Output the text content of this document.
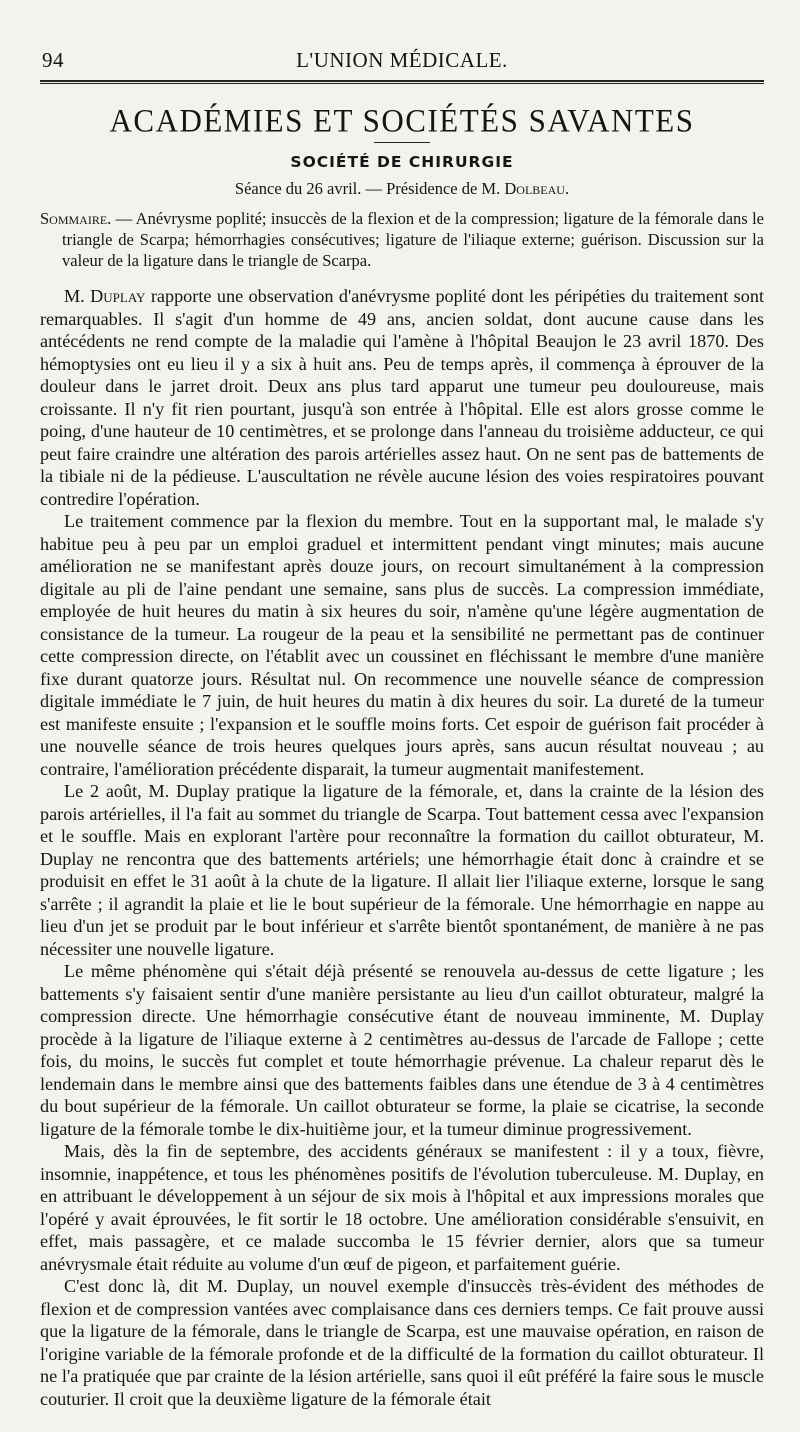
94	L'UNION MÉDICALE.
ACADÉMIES ET SOCIÉTÉS SAVANTES
SOCIÉTÉ DE CHIRURGIE
Séance du 26 avril. — Présidence de M. Dolbeau.
Sommaire. — Anévrysme poplité; insuccès de la flexion et de la compression; ligature de la fémorale dans le triangle de Scarpa; hémorrhagies consécutives; ligature de l'iliaque externe; guérison. Discussion sur la valeur de la ligature dans le triangle de Scarpa.

M. Duplay rapporte une observation d'anévrysme poplité dont les péripéties du traitement sont remarquables. Il s'agit d'un homme de 49 ans, ancien soldat, dont aucune cause dans les antécédents ne rend compte de la maladie qui l'amène à l'hôpital Beaujon le 23 avril 1870. Des hémoptysies ont eu lieu il y a six à huit ans. Peu de temps après, il commença à éprouver de la douleur dans le jarret droit. Deux ans plus tard apparut une tumeur peu douloureuse, mais croissante. Il n'y fit rien pourtant, jusqu'à son entrée à l'hôpital. Elle est alors grosse comme le poing, d'une hauteur de 10 centimètres, et se prolonge dans l'anneau du troisième adducteur, ce qui peut faire craindre une altération des parois artérielles assez haut. On ne sent pas de battements de la tibiale ni de la pédieuse. L'auscultation ne révèle aucune lésion des voies respiratoires pouvant contredire l'opération.

Le traitement commence par la flexion du membre. Tout en la supportant mal, le malade s'y habitue peu à peu par un emploi graduel et intermittent pendant vingt minutes; mais aucune amélioration ne se manifestant après douze jours, on recourt simultanément à la compression digitale au pli de l'aine pendant une semaine, sans plus de succès. La compression immédiate, employée de huit heures du matin à six heures du soir, n'amène qu'une légère augmentation de consistance de la tumeur. La rougeur de la peau et la sensibilité ne permettant pas de continuer cette compression directe, on l'établit avec un coussinet en fléchissant le membre d'une manière fixe durant quatorze jours. Résultat nul. On recommence une nouvelle séance de compression digitale immédiate le 7 juin, de huit heures du matin à dix heures du soir. La dureté de la tumeur est manifeste ensuite ; l'expansion et le souffle moins forts. Cet espoir de guérison fait procéder à une nouvelle séance de trois heures quelques jours après, sans aucun résultat nouveau ; au contraire, l'amélioration précédente disparait, la tumeur augmentait manifestement.

Le 2 août, M. Duplay pratique la ligature de la fémorale, et, dans la crainte de la lésion des parois artérielles, il l'a fait au sommet du triangle de Scarpa. Tout battement cessa avec l'expansion et le souffle. Mais en explorant l'artère pour reconnaître la formation du caillot obturateur, M. Duplay ne rencontra que des battements artériels; une hémorrhagie était donc à craindre et se produisit en effet le 31 août à la chute de la ligature. Il allait lier l'iliaque externe, lorsque le sang s'arrête ; il agrandit la plaie et lie le bout supérieur de la fémorale. Une hémorrhagie en nappe au lieu d'un jet se produit par le bout inférieur et s'arrête bientôt spontanément, de manière à ne pas nécessiter une nouvelle ligature.

Le même phénomène qui s'était déjà présenté se renouvela au-dessus de cette ligature ; les battements s'y faisaient sentir d'une manière persistante au lieu d'un caillot obturateur, malgré la compression directe. Une hémorrhagie consécutive étant de nouveau imminente, M. Duplay procède à la ligature de l'iliaque externe à 2 centimètres au-dessus de l'arcade de Fallope ; cette fois, du moins, le succès fut complet et toute hémorrhagie prévenue. La chaleur reparut dès le lendemain dans le membre ainsi que des battements faibles dans une étendue de 3 à 4 centimètres du bout supérieur de la fémorale. Un caillot obturateur se forme, la plaie se cicatrise, la seconde ligature de la fémorale tombe le dix-huitième jour, et la tumeur diminue progressivement.

Mais, dès la fin de septembre, des accidents généraux se manifestent : il y a toux, fièvre, insomnie, inappétence, et tous les phénomènes positifs de l'évolution tuberculeuse. M. Duplay, en en attribuant le développement à un séjour de six mois à l'hôpital et aux impressions morales que l'opéré y avait éprouvées, le fit sortir le 18 octobre. Une amélioration considérable s'ensuivit, en effet, mais passagère, et ce malade succomba le 15 février dernier, alors que sa tumeur anévrysmale était réduite au volume d'un œuf de pigeon, et parfaitement guérie.

C'est donc là, dit M. Duplay, un nouvel exemple d'insuccès très-évident des méthodes de flexion et de compression vantées avec complaisance dans ces derniers temps. Ce fait prouve aussi que la ligature de la fémorale, dans le triangle de Scarpa, est une mauvaise opération, en raison de l'origine variable de la fémorale profonde et de la difficulté de la formation du caillot obturateur. Il ne l'a pratiquée que par crainte de la lésion artérielle, sans quoi il eût préféré la faire sous le muscle couturier. Il croit que la deuxième ligature de la fémorale était
